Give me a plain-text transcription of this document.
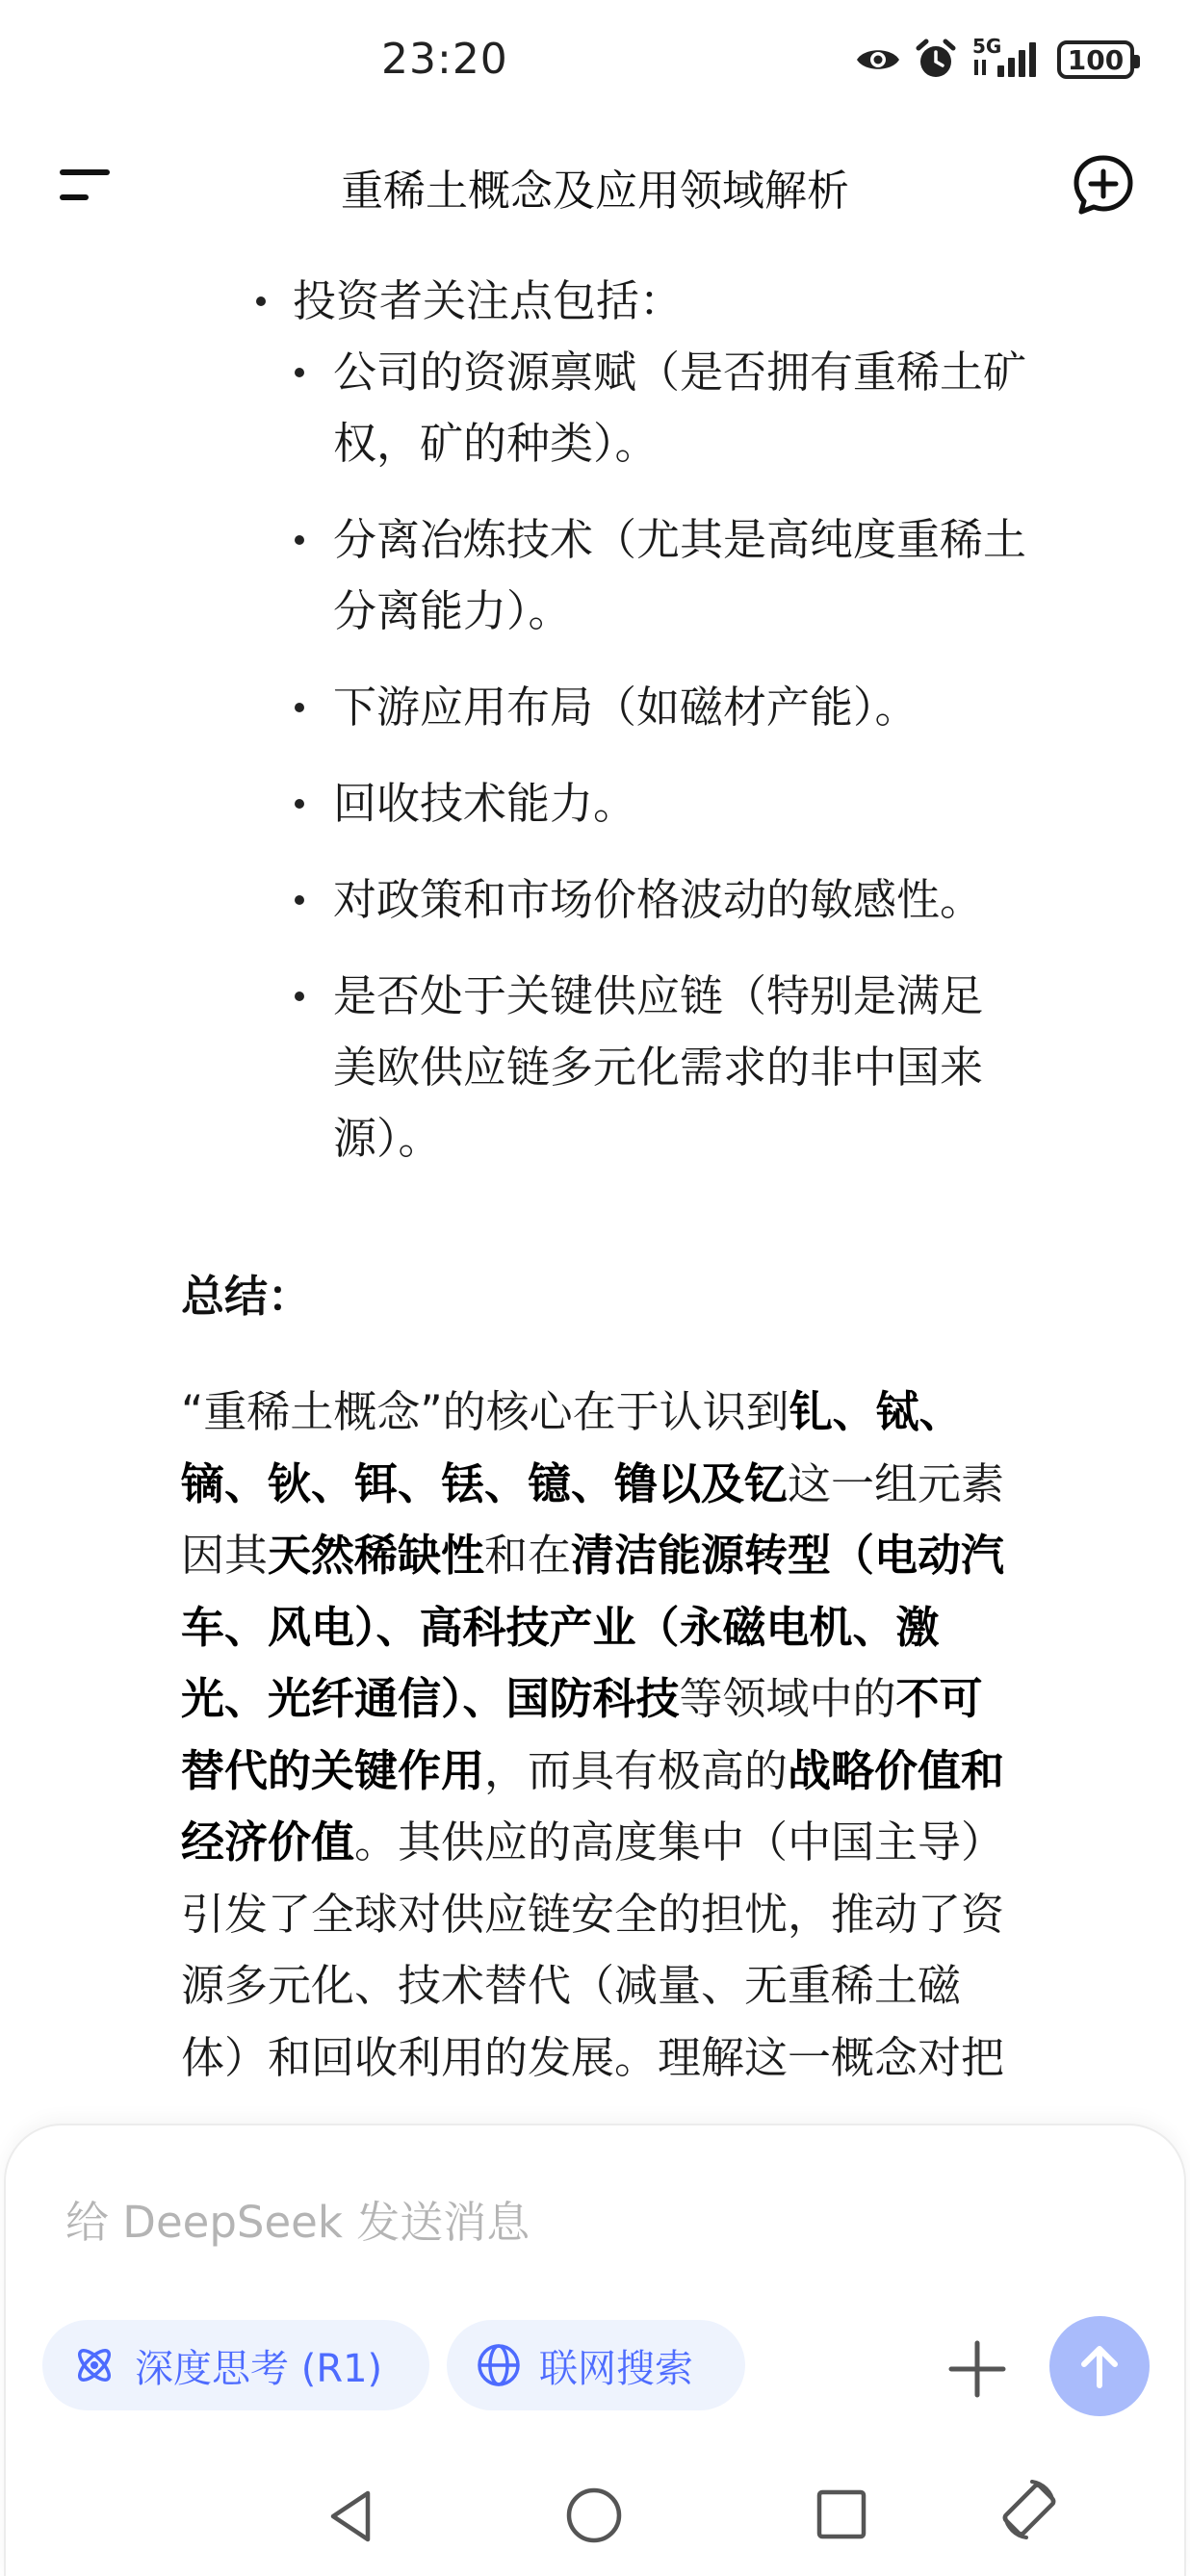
23:20	5G 100
重稀土概念及应用领域解析
投资者关注点包括：
公司的资源禀赋（是否拥有重稀土矿
权，矿的种类）。
分离冶炼技术（尤其是高纯度重稀土
分离能力）。
下游应用布局（如磁材产能）。
回收技术能力。
对政策和市场价格波动的敏感性。
是否处于关键供应链（特别是满足
美欧供应链多元化需求的非中国来
源）。
总结：
“重稀土概念”的核心在于认识到钆、铽、
镝、钬、铒、铥、镱、镥以及钇这一组元素
因其天然稀缺性和在清洁能源转型（电动汽
车、风电）、高科技产业（永磁电机、激
光、光纤通信）、国防科技等领域中的不可
替代的关键作用，而具有极高的战略价值和
经济价值。其供应的高度集中（中国主导）
引发了全球对供应链安全的担忧，推动了资
源多元化、技术替代（减量、无重稀土磁
体）和回收利用的发展。理解这一概念对把
给 DeepSeek 发送消息
深度思考 (R1)	联网搜索
